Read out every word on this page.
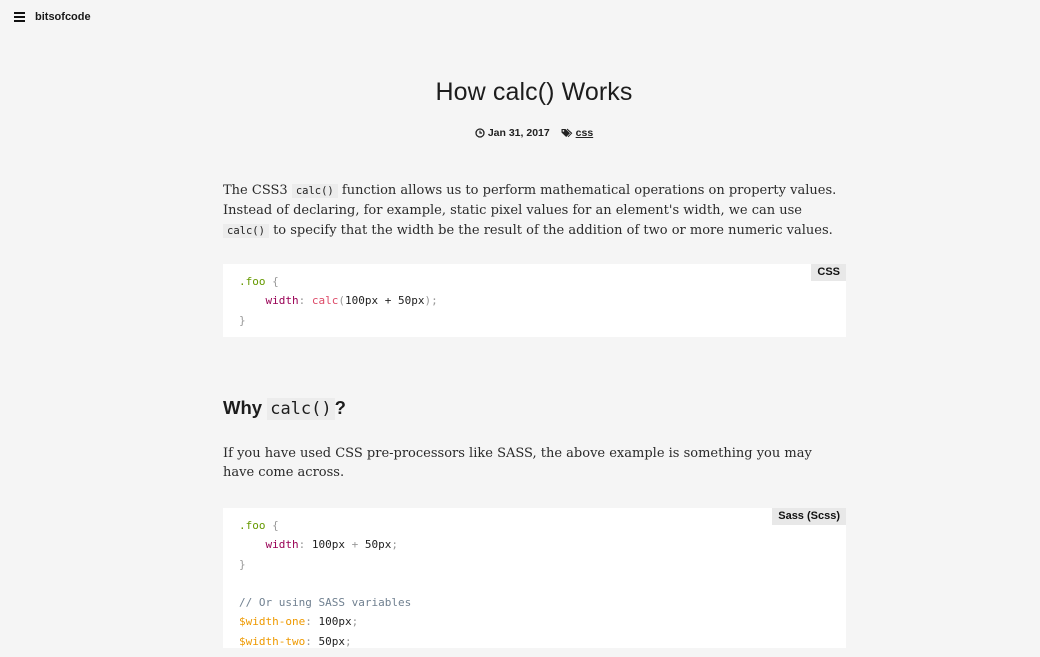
bitsofcode
How calc() Works
Jan 31, 2017 css

The CSS3 calc() function allows us to perform mathematical operations on property values. Instead of declaring, for example, static pixel values for an element's width, we can use calc() to specify that the width be the result of the addition of two or more numeric values.

CSS
.foo {
width: calc(100px + 50px);
}
Why calc() ?

If you have used CSS pre-processors like SASS, the above example is something you may have come across.

Sass (Scss)
.foo {
width: 100px + 50px;
}

// Or using SASS variables
$width-one: 100px;
$width-two: 50px;
